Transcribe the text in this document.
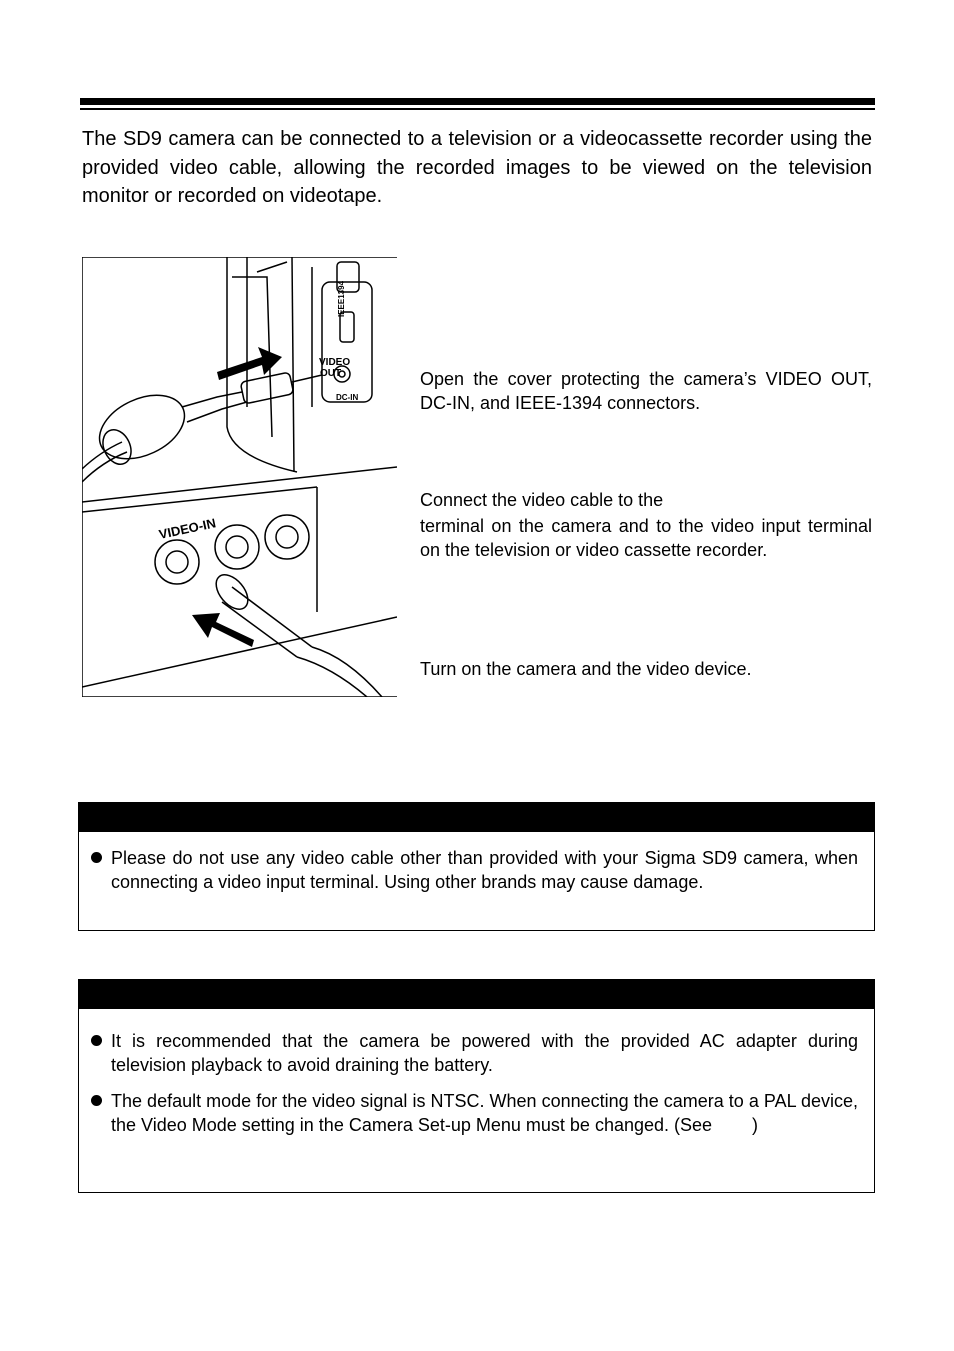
The SD9 camera can be connected to a television or a videocassette recorder using the provided video cable, allowing the recorded images to be viewed on the television monitor or recorded on videotape.

IEEE1394
VIDEO
OUT
DC-IN
VIDEO-IN

Open the cover protecting the camera’s VIDEO OUT, DC-IN, and IEEE-1394 connectors.

Connect the video cable to the

terminal on the camera and to the video input terminal on the television or video cassette recorder.

Turn on the camera and the video device.

Please do not use any video cable other than provided with your Sigma SD9 camera, when connecting a video input terminal. Using other brands may cause damage.

It is recommended that the camera be powered with the provided AC adapter during television playback to avoid draining the battery.

The default mode for the video signal is NTSC. When connecting the camera to a PAL device, the Video Mode setting in the Camera Set-up Menu must be changed. (See        )
